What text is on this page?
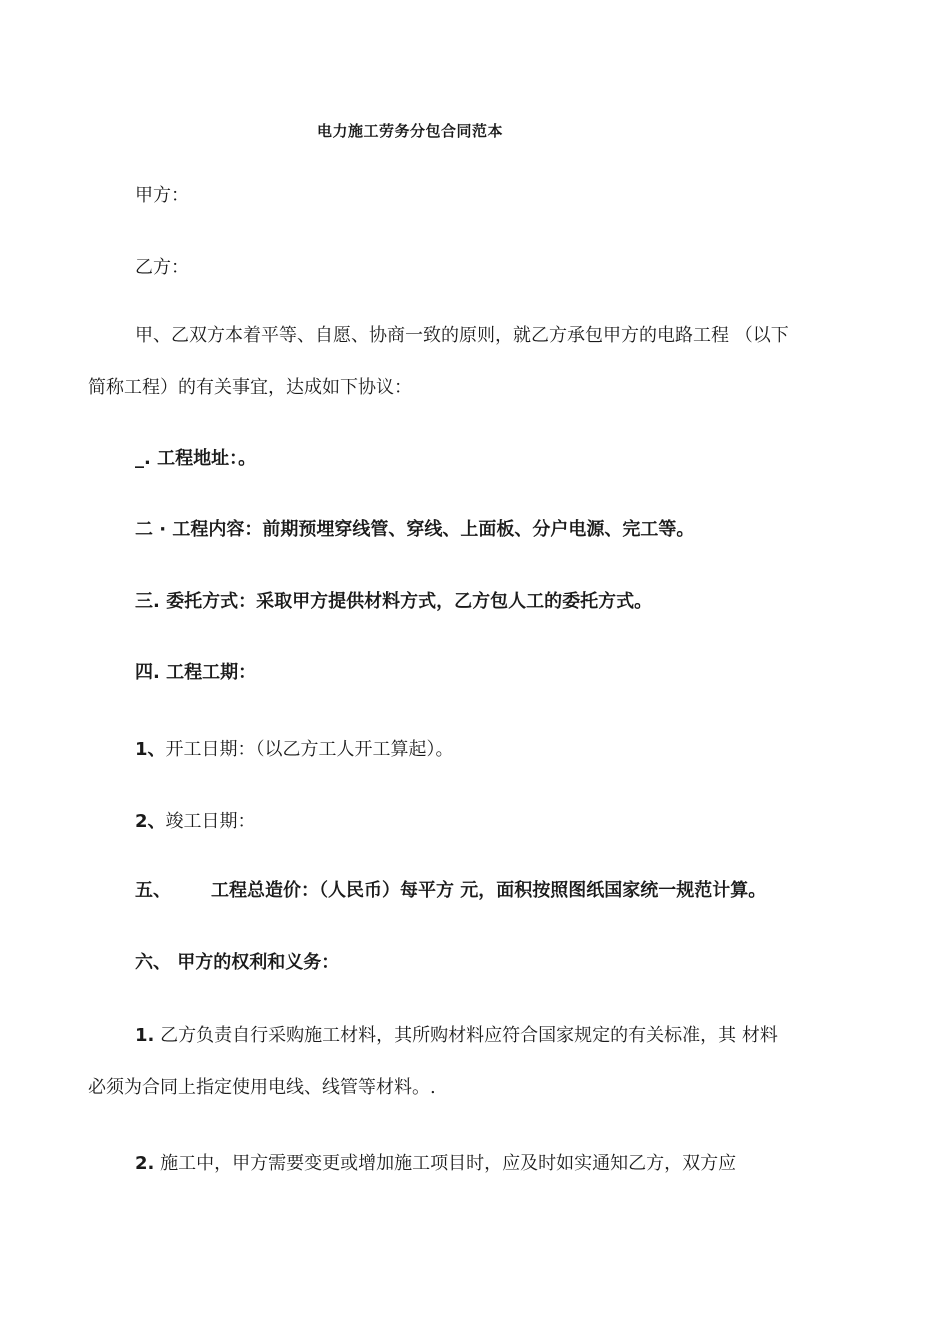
电力施工劳务分包合同范本
甲方：
乙方：
甲、乙双方本着平等、自愿、协商一致的原则，就乙方承包甲方的电路工程 （以下
简称工程）的有关事宜，达成如下协议：
_. 工程地址：。
二 · 工程内容：前期预埋穿线管、穿线、上面板、分户电源、完工等。
三. 委托方式：采取甲方提供材料方式，乙方包人工的委托方式。
四. 工程工期：
1、开工日期：（以乙方工人开工算起）。
2、竣工日期：
五、 工程总造价：（人民币）每平方 元，面积按照图纸国家统一规范计算。
六、 甲方的权利和义务：
1. 乙方负责自行采购施工材料，其所购材料应符合国家规定的有关标准，其 材料
必须为合同上指定使用电线、线管等材料。.
2. 施工中，甲方需要变更或增加施工项目时，应及时如实通知乙方，双方应
